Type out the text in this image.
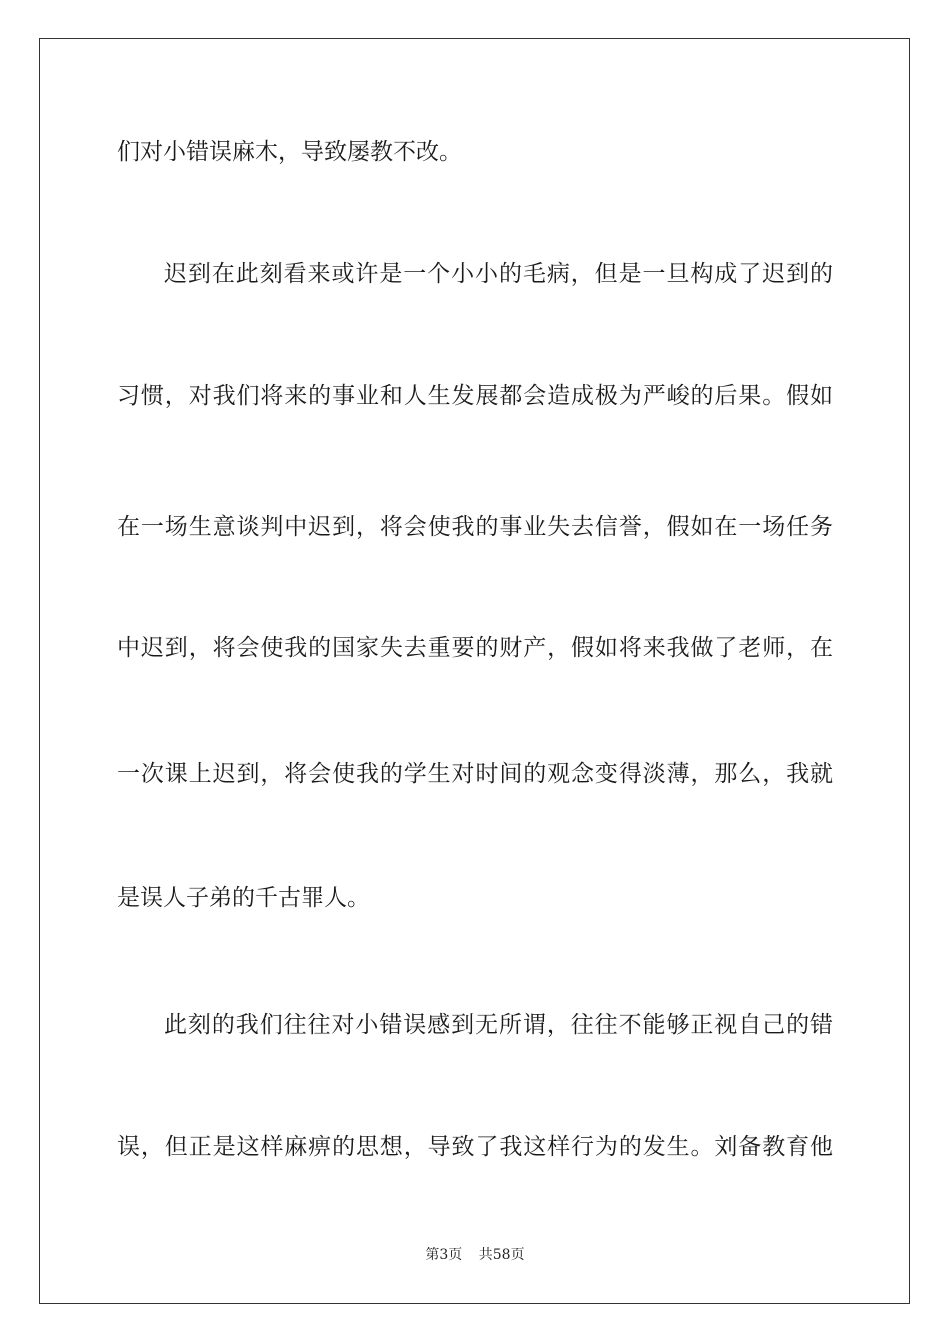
们对小错误麻木，导致屡教不改。
迟到在此刻看来或许是一个小小的毛病，但是一旦构成了迟到的
习惯，对我们将来的事业和人生发展都会造成极为严峻的后果。假如
在一场生意谈判中迟到，将会使我的事业失去信誉，假如在一场任务
中迟到，将会使我的国家失去重要的财产，假如将来我做了老师，在
一次课上迟到，将会使我的学生对时间的观念变得淡薄，那么，我就
是误人子弟的千古罪人。
此刻的我们往往对小错误感到无所谓，往往不能够正视自己的错
误，但正是这样麻痹的思想，导致了我这样行为的发生。刘备教育他
第3页 共58页
